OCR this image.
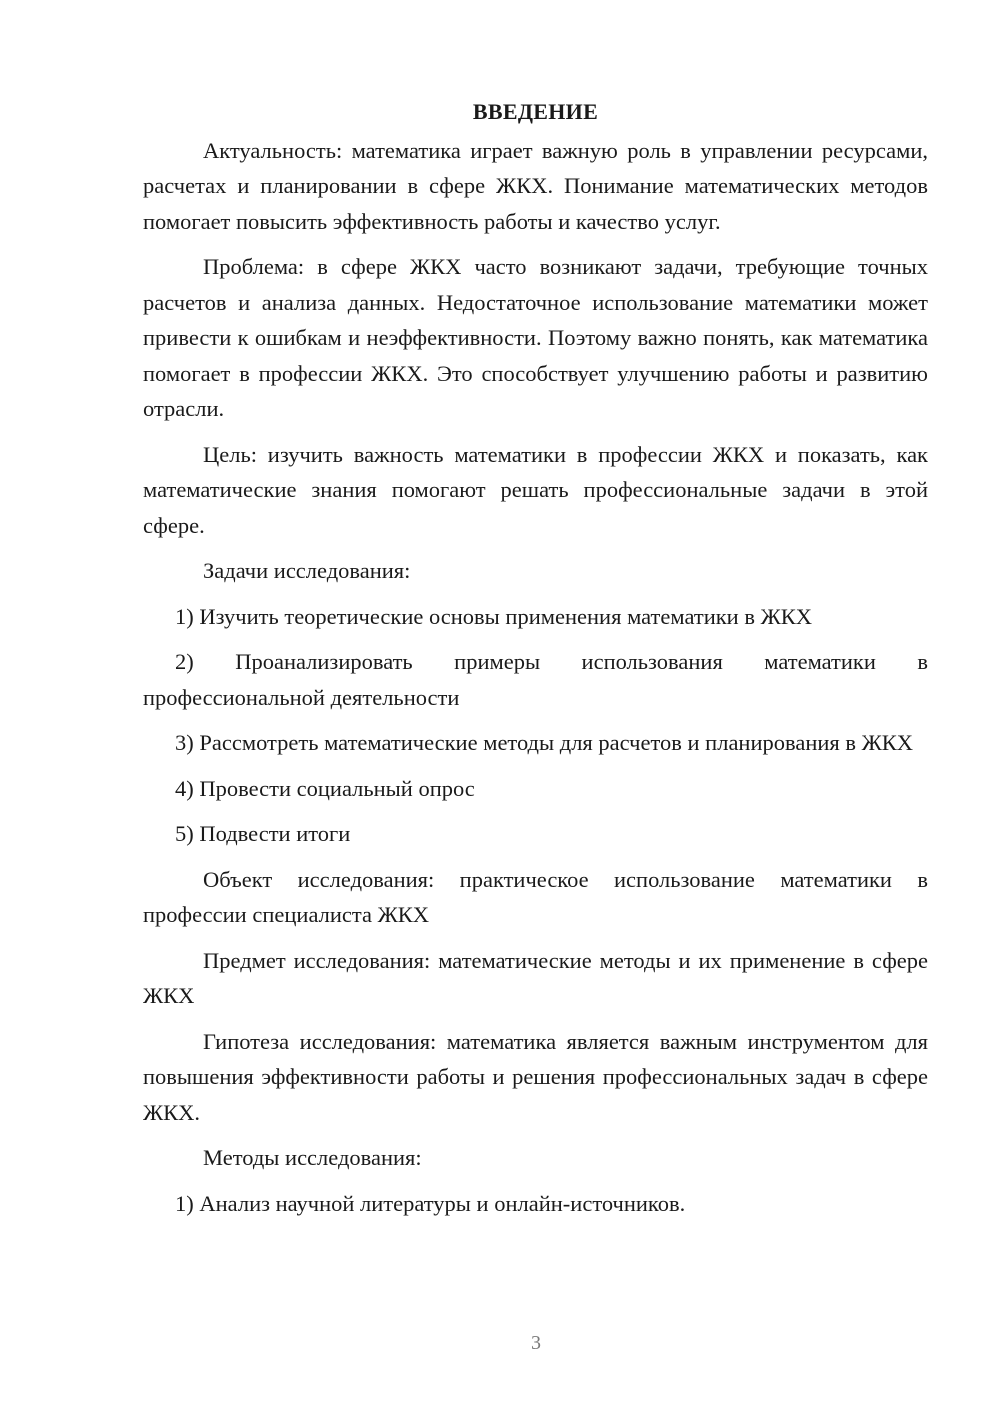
ВВЕДЕНИЕ

Актуальность: математика играет важную роль в управлении ресурсами, расчетах и планировании в сфере ЖКХ. Понимание математических методов помогает повысить эффективность работы и качество услуг.

Проблема: в сфере ЖКХ часто возникают задачи, требующие точных расчетов и анализа данных. Недостаточное использование математики может привести к ошибкам и неэффективности. Поэтому важно понять, как математика помогает в профессии ЖКХ. Это способствует улучшению работы и развитию отрасли.

Цель: изучить важность математики в профессии ЖКХ и показать, как математические знания помогают решать профессиональные задачи в этой сфере.

Задачи исследования:

1) Изучить теоретические основы применения математики в ЖКХ

2) Проанализировать примеры использования математики в профессиональной деятельности

3) Рассмотреть математические методы для расчетов и планирования в ЖКХ

4) Провести социальный опрос

5) Подвести итоги

Объект исследования: практическое использование математики в профессии специалиста ЖКХ

Предмет исследования: математические методы и их применение в сфере ЖКХ

Гипотеза исследования: математика является важным инструментом для повышения эффективности работы и решения профессиональных задач в сфере ЖКХ.

Методы исследования:

1) Анализ научной литературы и онлайн-источников.

3
